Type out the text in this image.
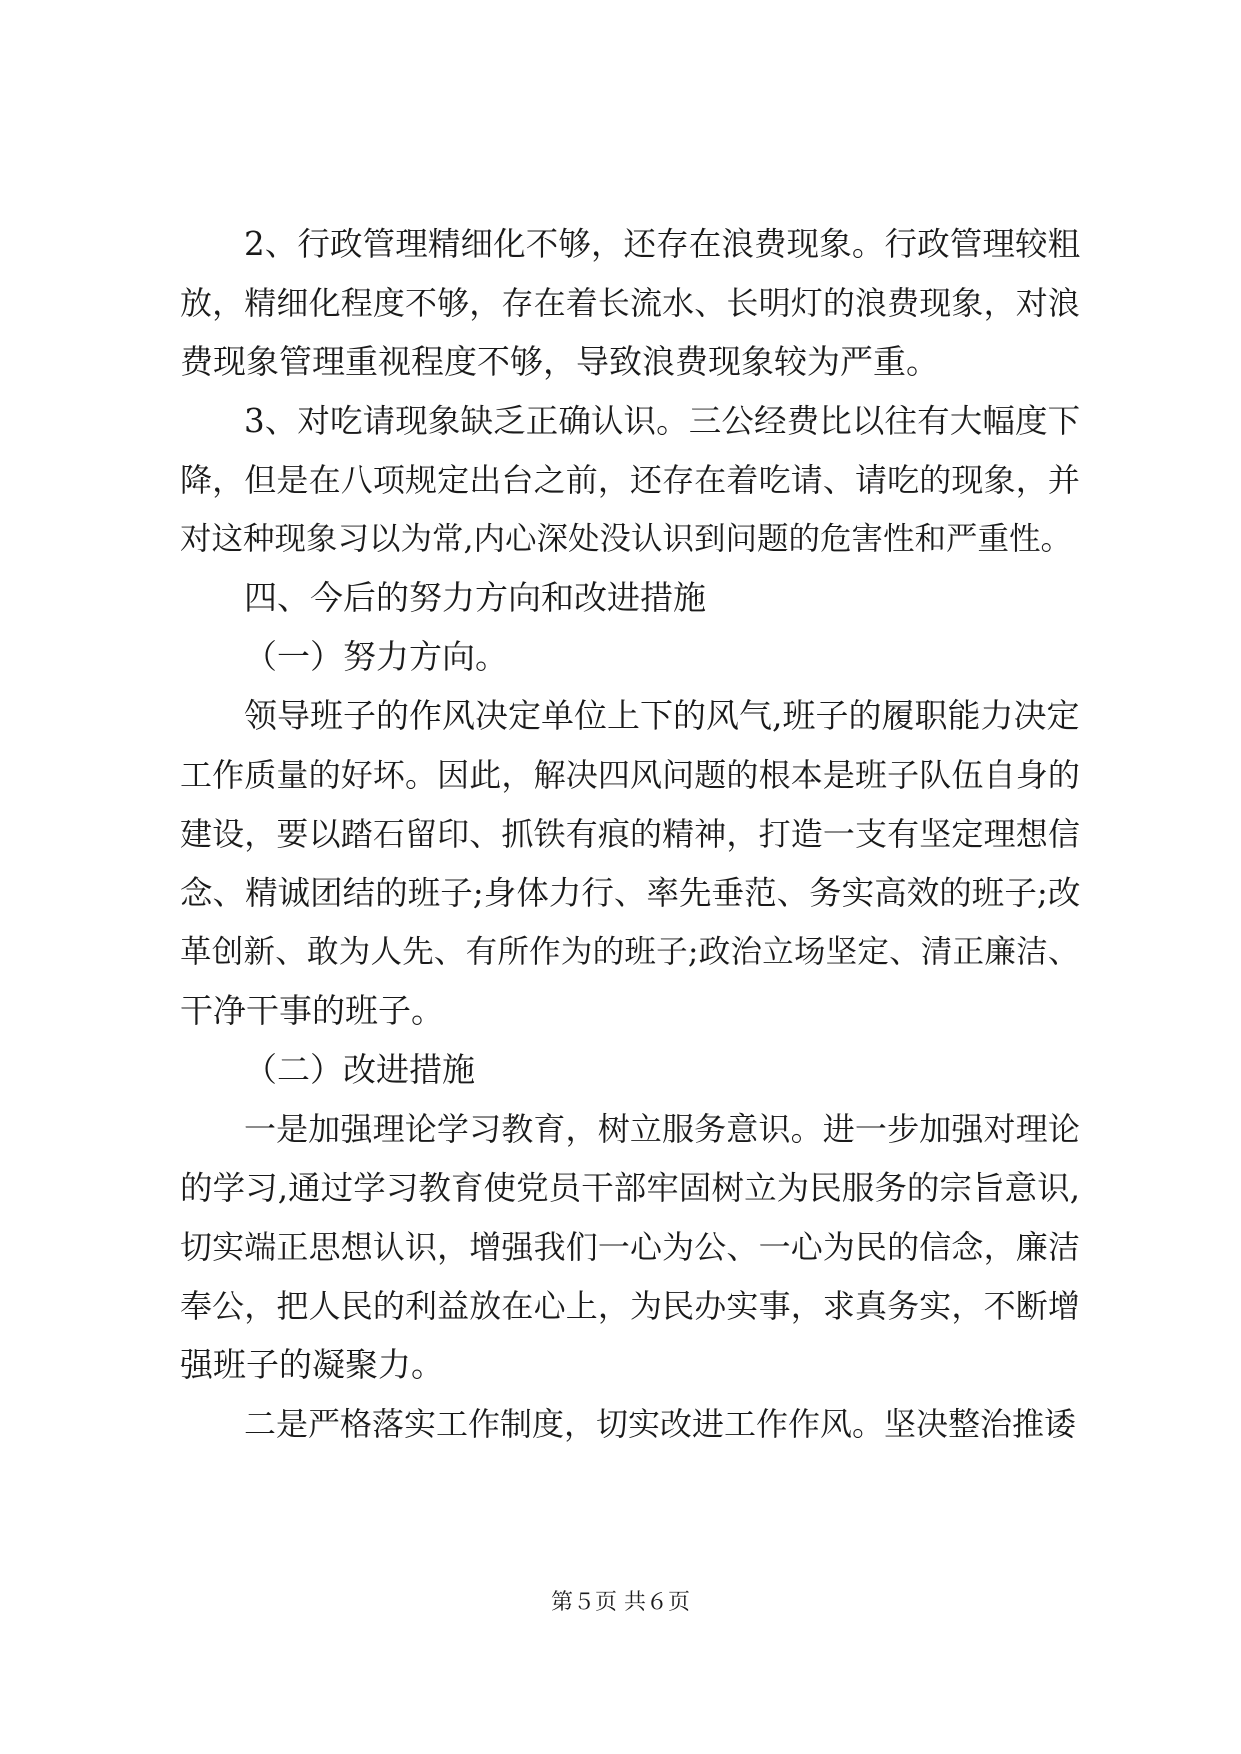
2、行政管理精细化不够，还存在浪费现象。行政管理较粗
放，精细化程度不够，存在着长流水、长明灯的浪费现象，对浪
费现象管理重视程度不够，导致浪费现象较为严重。
3、对吃请现象缺乏正确认识。三公经费比以往有大幅度下
降，但是在八项规定出台之前，还存在着吃请、请吃的现象，并
对这种现象习以为常,内心深处没认识到问题的危害性和严重性。
四、今后的努力方向和改进措施
（一）努力方向。
领导班子的作风决定单位上下的风气,班子的履职能力决定
工作质量的好坏。因此，解决四风问题的根本是班子队伍自身的
建设，要以踏石留印、抓铁有痕的精神，打造一支有坚定理想信
念、精诚团结的班子;身体力行、率先垂范、务实高效的班子;改
革创新、敢为人先、有所作为的班子;政治立场坚定、清正廉洁、
干净干事的班子。
（二）改进措施
一是加强理论学习教育，树立服务意识。进一步加强对理论
的学习,通过学习教育使党员干部牢固树立为民服务的宗旨意识,
切实端正思想认识，增强我们一心为公、一心为民的信念，廉洁
奉公，把人民的利益放在心上，为民办实事，求真务实，不断增
强班子的凝聚力。
二是严格落实工作制度，切实改进工作作风。坚决整治推诿
第５页 共６页
